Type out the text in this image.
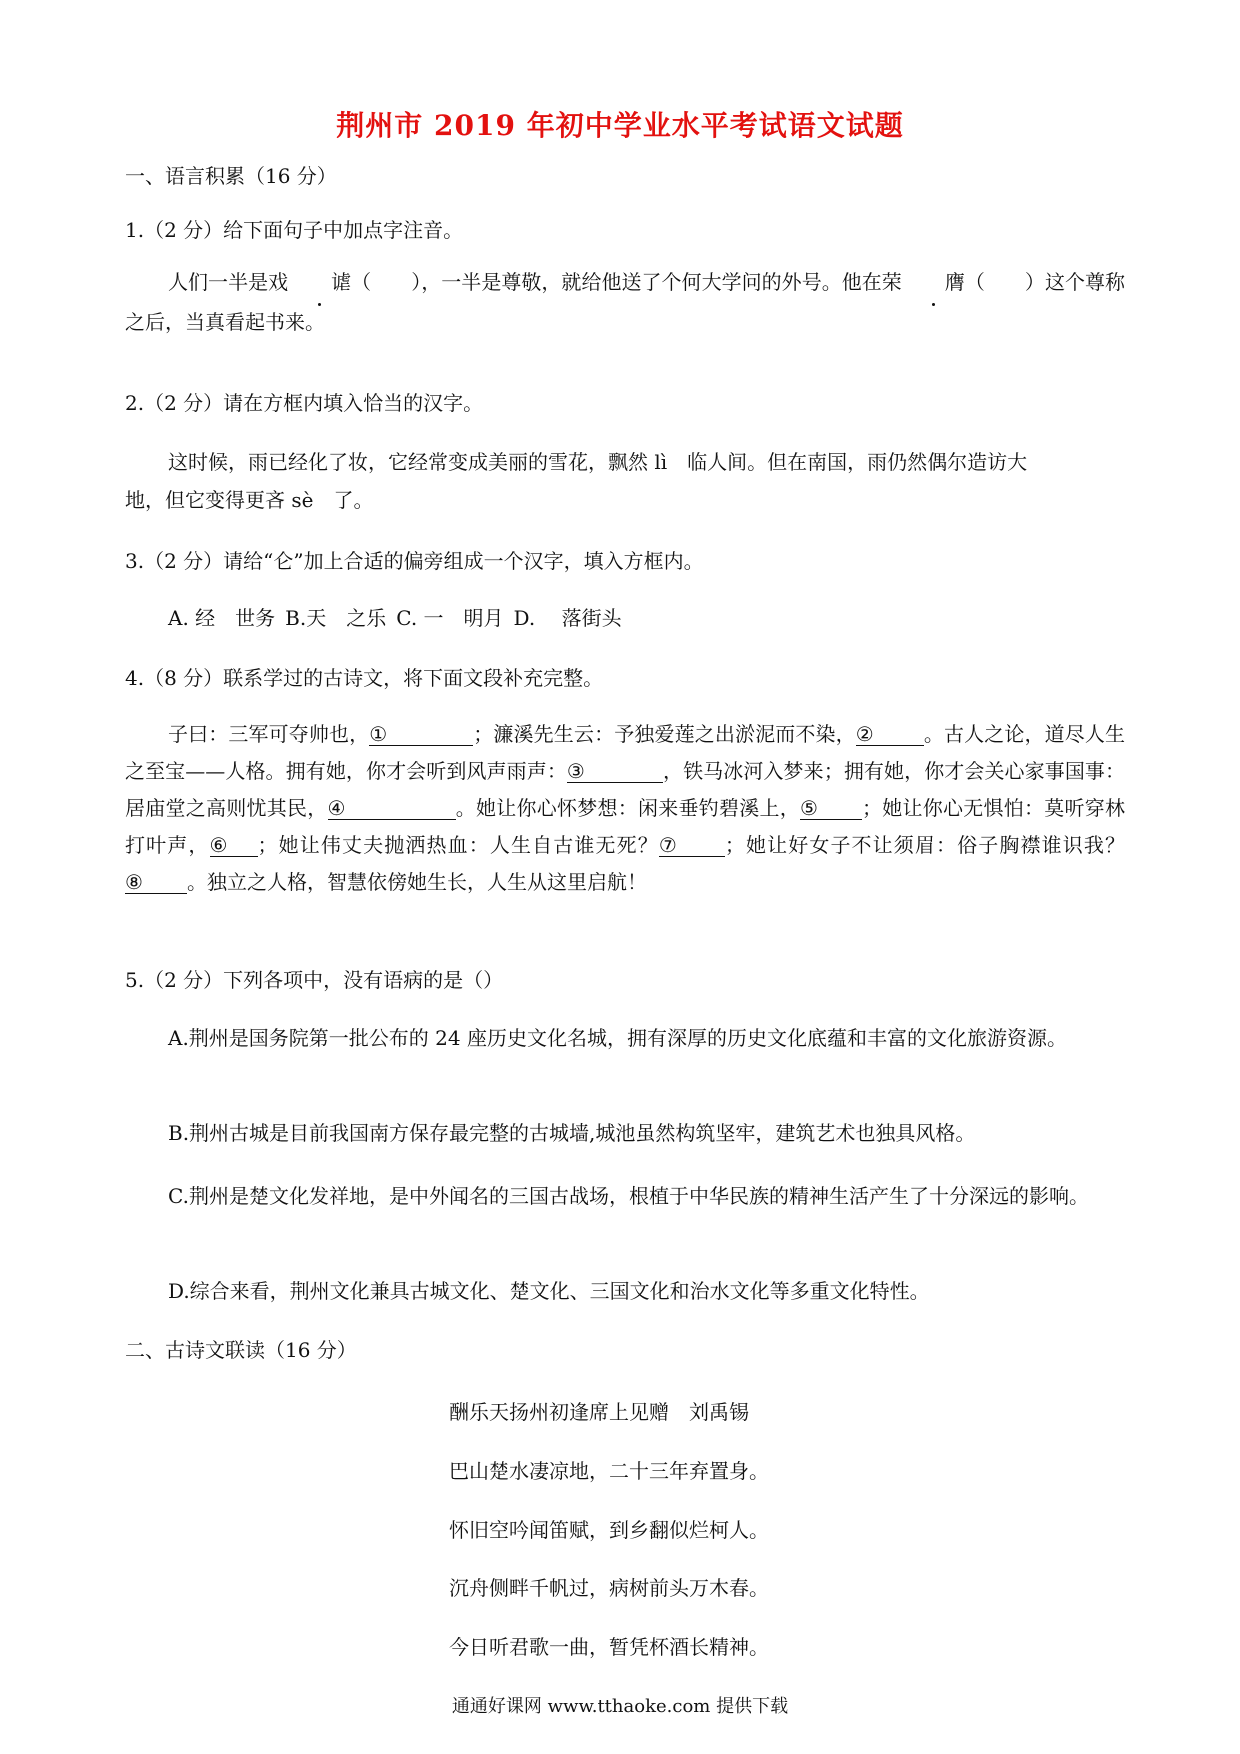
荆州市 2019 年初中学业水平考试语文试题
一、语言积累（16 分）
1.（2 分）给下面句子中加点字注音。
人们一半是戏 谑（　　），一半是尊敬，就给他送了个何大学问的外号。他在荣 膺（　　）这个尊称之后，当真看起书来。
2.（2 分）请在方框内填入恰当的汉字。
这时候，雨已经化了妆，它经常变成美丽的雪花，飘然 lì　临人间。但在南国，雨仍然偶尔造访大
地，但它变得更吝 sè　了。
3.（2 分）请给“仑”加上合适的偏旁组成一个汉字，填入方框内。
A. 经　世务 B.天　之乐 C. 一　明月 D.　 落街头
4.（8 分）联系学过的古诗文，将下面文段补充完整。
子曰：三军可夺帅也，①	；濂溪先生云：予独爱莲之出淤泥而不染，②	。古人之论，道尽人生之至宝——人格。拥有她，你才会听到风声雨声：③	，铁马冰河入梦来；拥有她，你才会关心家事国事：居庙堂之高则忧其民，④	。她让你心怀梦想：闲来垂钓碧溪上，⑤ ；她让你心无惧怕：莫听穿林打叶声，⑥ ；她让伟丈夫抛洒热血：人生自古谁无死？⑦ ；她让好女子不让须眉：俗子胸襟谁识我？⑧ 。独立之人格，智慧依傍她生长，人生从这里启航！
5.（2 分）下列各项中，没有语病的是（）
A.荆州是国务院第一批公布的 24 座历史文化名城，拥有深厚的历史文化底蕴和丰富的文化旅游资源。
B.荆州古城是目前我国南方保存最完整的古城墙,城池虽然构筑坚牢，建筑艺术也独具风格。
C.荆州是楚文化发祥地，是中外闻名的三国古战场，根植于中华民族的精神生活产生了十分深远的影响。
D.综合来看，荆州文化兼具古城文化、楚文化、三国文化和治水文化等多重文化特性。
二、古诗文联读（16 分）
酬乐天扬州初逢席上见赠　刘禹锡
巴山楚水凄凉地，二十三年弃置身。
怀旧空吟闻笛赋，到乡翻似烂柯人。
沉舟侧畔千帆过，病树前头万木春。
今日听君歌一曲，暂凭杯酒长精神。
通通好课网 www.tthaoke.com 提供下载
